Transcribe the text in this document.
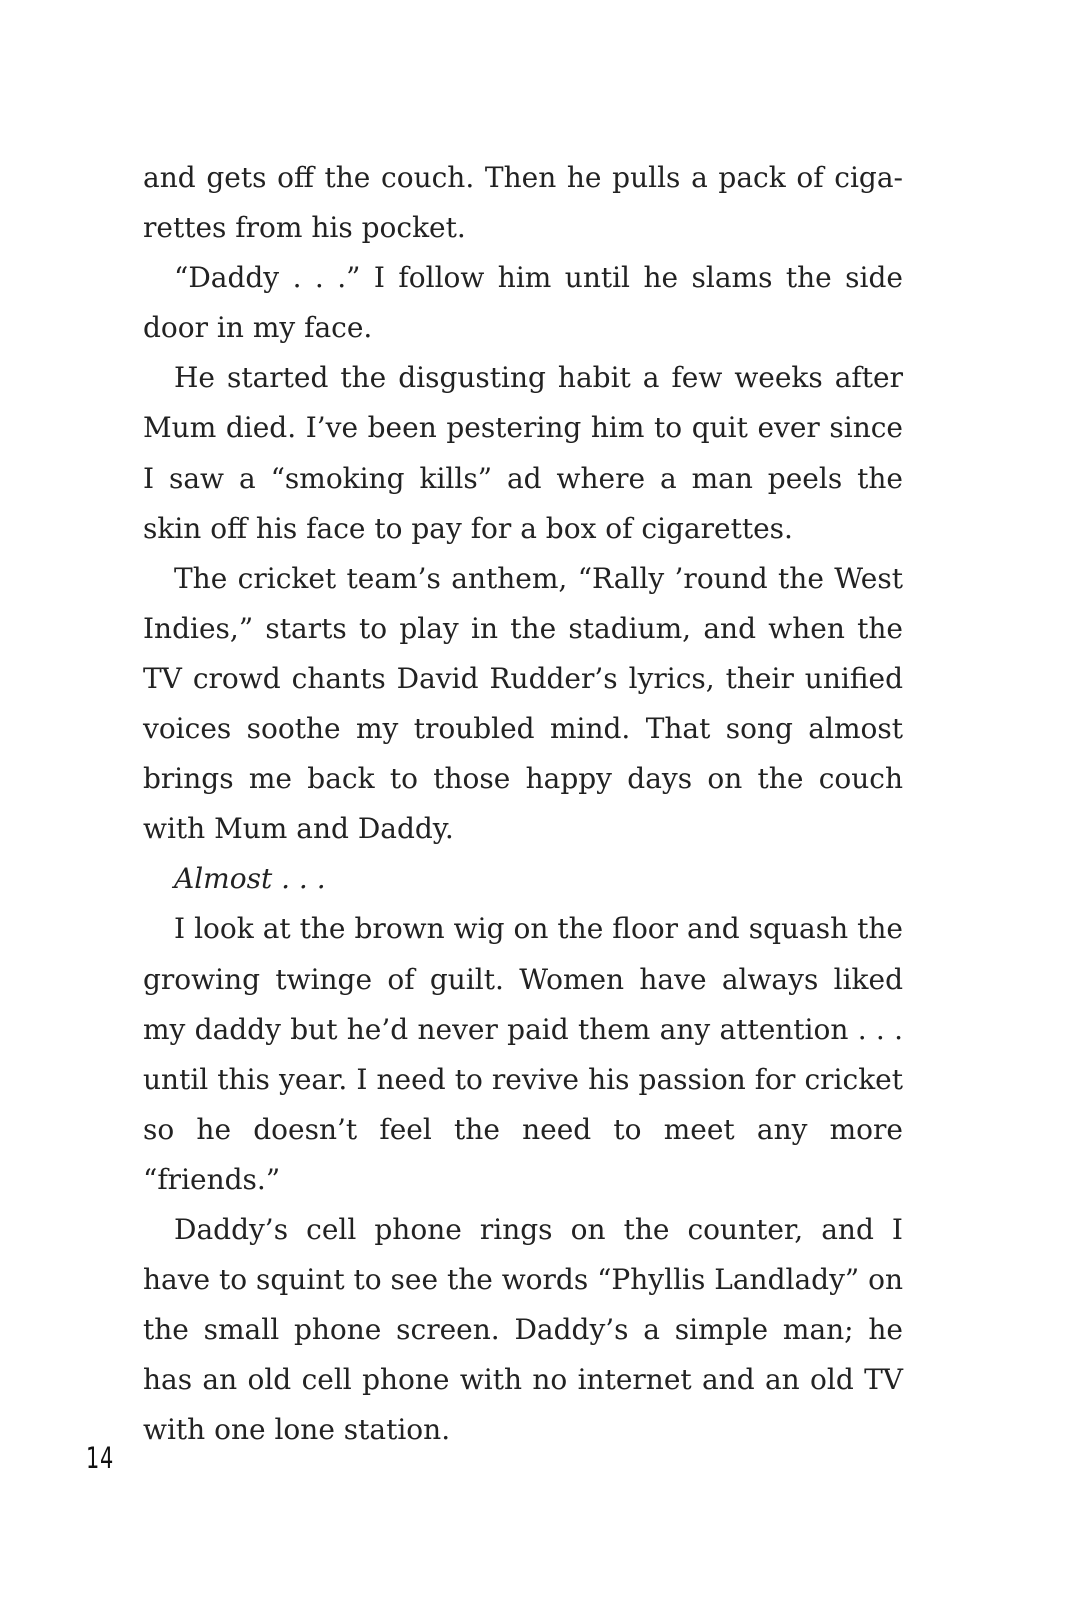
and gets off the couch. Then he pulls a pack of cigarettes from his pocket.

“Daddy . . .” I follow him until he slams the side door in my face.

He started the disgusting habit a few weeks after Mum died. I’ve been pestering him to quit ever since I saw a “smoking kills” ad where a man peels the skin off his face to pay for a box of cigarettes.

The cricket team’s anthem, “Rally ’round the West Indies,” starts to play in the stadium, and when the TV crowd chants David Rudder’s lyrics, their unified voices soothe my troubled mind. That song almost brings me back to those happy days on the couch with Mum and Daddy.

Almost . . .

I look at the brown wig on the floor and squash the growing twinge of guilt. Women have always liked my daddy but he’d never paid them any attention . . . until this year. I need to revive his passion for cricket so he doesn’t feel the need to meet any more “friends.”

Daddy’s cell phone rings on the counter, and I have to squint to see the words “Phyllis Landlady” on the small phone screen. Daddy’s a simple man; he has an old cell phone with no internet and an old TV with one lone station.

14
